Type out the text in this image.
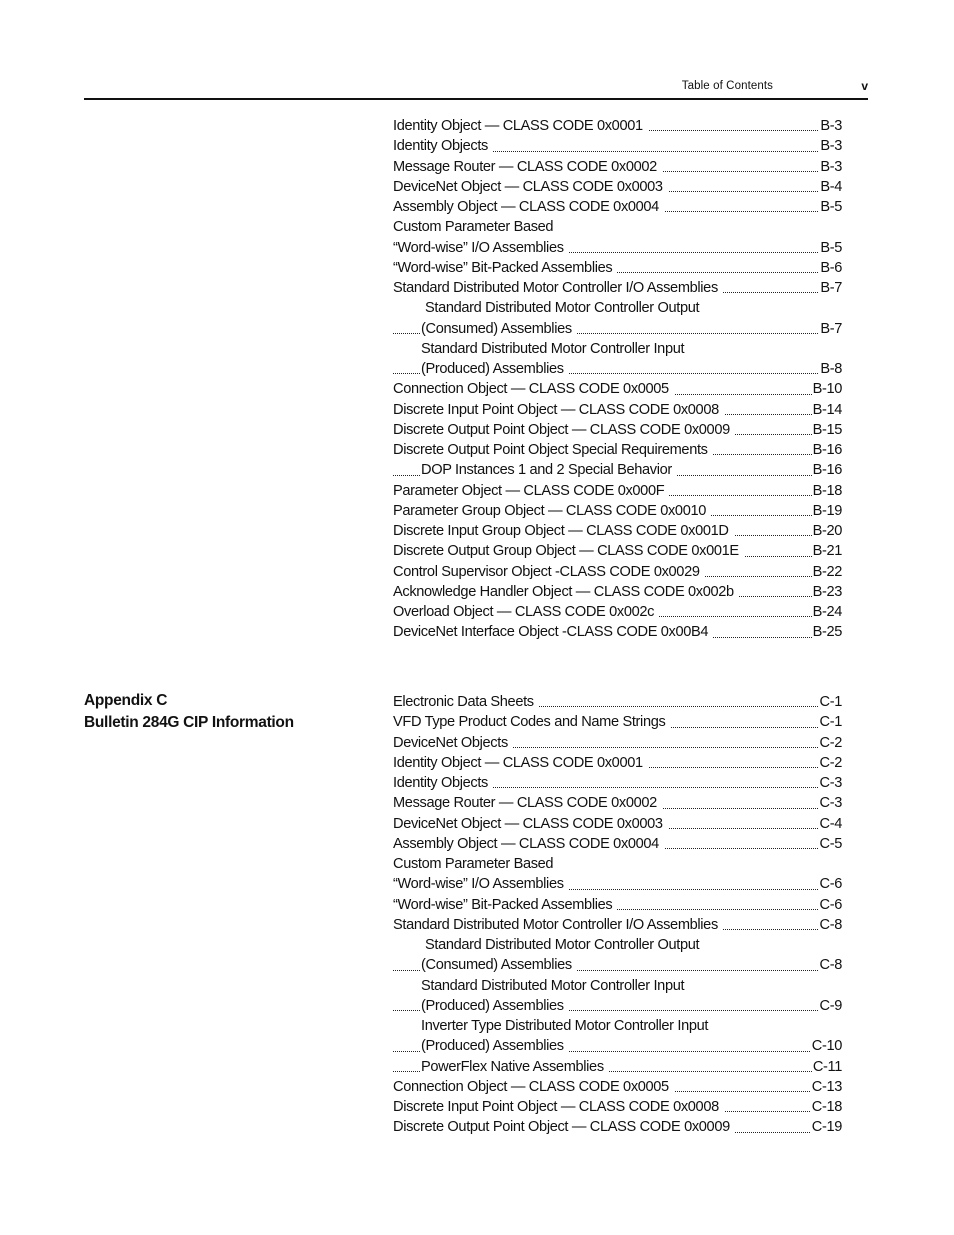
Table of Contents	v
Identity Object — CLASS CODE 0x0001	B-3
Identity Objects	B-3
Message Router — CLASS CODE 0x0002	B-3
DeviceNet Object — CLASS CODE 0x0003	B-4
Assembly Object — CLASS CODE 0x0004	B-5
Custom Parameter Based
“Word-wise” I/O Assemblies	B-5
“Word-wise” Bit-Packed Assemblies	B-6
Standard Distributed Motor Controller I/O Assemblies	B-7
Standard Distributed Motor Controller Output
(Consumed) Assemblies	B-7
Standard Distributed Motor Controller Input
(Produced) Assemblies	B-8
Connection Object — CLASS CODE 0x0005	B-10
Discrete Input Point Object — CLASS CODE 0x0008	B-14
Discrete Output Point Object — CLASS CODE 0x0009	B-15
Discrete Output Point Object Special Requirements	B-16
DOP Instances 1 and 2 Special Behavior	B-16
Parameter Object — CLASS CODE 0x000F	B-18
Parameter Group Object — CLASS CODE 0x0010	B-19
Discrete Input Group Object — CLASS CODE 0x001D	B-20
Discrete Output Group Object — CLASS CODE 0x001E	B-21
Control Supervisor Object -CLASS CODE 0x0029	B-22
Acknowledge Handler Object — CLASS CODE 0x002b	B-23
Overload Object — CLASS CODE 0x002c	B-24
DeviceNet Interface Object -CLASS CODE 0x00B4	B-25
Appendix C
Bulletin 284G CIP Information
Electronic Data Sheets	C-1
VFD Type Product Codes and Name Strings	C-1
DeviceNet Objects	C-2
Identity Object — CLASS CODE 0x0001	C-2
Identity Objects	C-3
Message Router — CLASS CODE 0x0002	C-3
DeviceNet Object — CLASS CODE 0x0003	C-4
Assembly Object — CLASS CODE 0x0004	C-5
Custom Parameter Based
“Word-wise” I/O Assemblies	C-6
“Word-wise” Bit-Packed Assemblies	C-6
Standard Distributed Motor Controller I/O Assemblies	C-8
Standard Distributed Motor Controller Output
(Consumed) Assemblies	C-8
Standard Distributed Motor Controller Input
(Produced) Assemblies	C-9
Inverter Type Distributed Motor Controller Input
(Produced) Assemblies	C-10
PowerFlex Native Assemblies	C-11
Connection Object — CLASS CODE 0x0005	C-13
Discrete Input Point Object — CLASS CODE 0x0008	C-18
Discrete Output Point Object — CLASS CODE 0x0009	C-19
